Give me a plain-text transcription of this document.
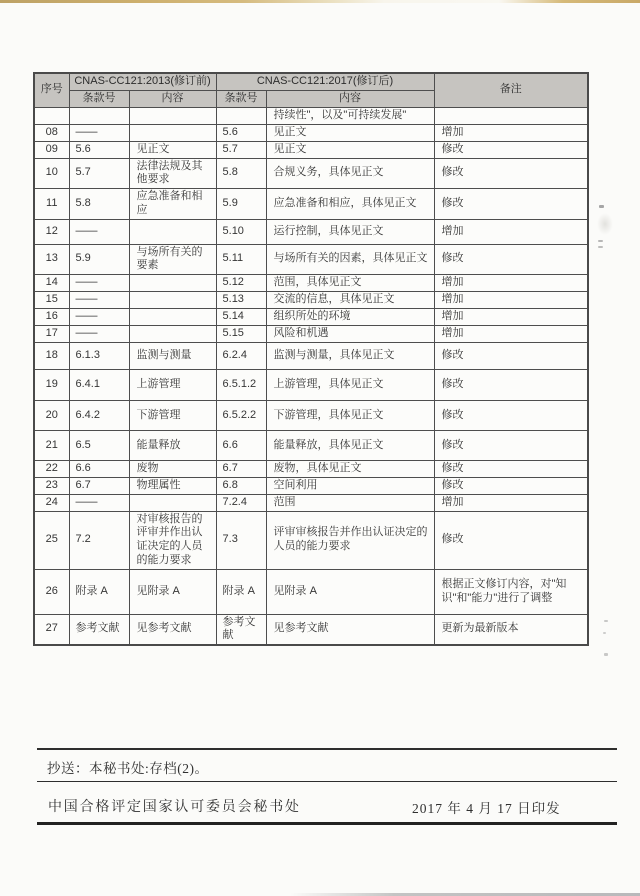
序号	CNAS-CC121:2013(修订前)		CNAS-CC121:2017(修订后)		备注
	条款号	内容	条款号	内容	
				持续性"，以及"可持续发展"	
08	——		5.6	见正文	增加
09	5.6	见正文	5.7	见正文	修改
10	5.7	法律法规及其他要求	5.8	合规义务，具体见正文	修改
11	5.8	应急准备和相应	5.9	应急准备和相应，具体见正文	修改
12	——		5.10	运行控制，具体见正文	增加
13	5.9	与场所有关的要素	5.11	与场所有关的因素，具体见正文	修改
14	——		5.12	范围，具体见正文	增加
15	——		5.13	交流的信息，具体见正文	增加
16	——		5.14	组织所处的环境	增加
17	——		5.15	风险和机遇	增加
18	6.1.3	监测与测量	6.2.4	监测与测量，具体见正文	修改
19	6.4.1	上游管理	6.5.1.2	上游管理，具体见正文	修改
20	6.4.2	下游管理	6.5.2.2	下游管理，具体见正文	修改
21	6.5	能量释放	6.6	能量释放，具体见正文	修改
22	6.6	废物	6.7	废物，具体见正文	修改
23	6.7	物理属性	6.8	空间利用	修改
24	——		7.2.4	范围	增加
25	7.2	对审核报告的评审并作出认证决定的人员的能力要求	7.3	评审审核报告并作出认证决定的人员的能力要求	修改
26	附录 A	见附录 A	附录 A	见附录 A	根据正文修订内容，对"知识"和"能力"进行了调整
27	参考文献	见参考文献	参考文献	见参考文献	更新为最新版本
抄送：本秘书处:存档(2)。
中国合格评定国家认可委员会秘书处	2017 年 4 月 17 日印发
